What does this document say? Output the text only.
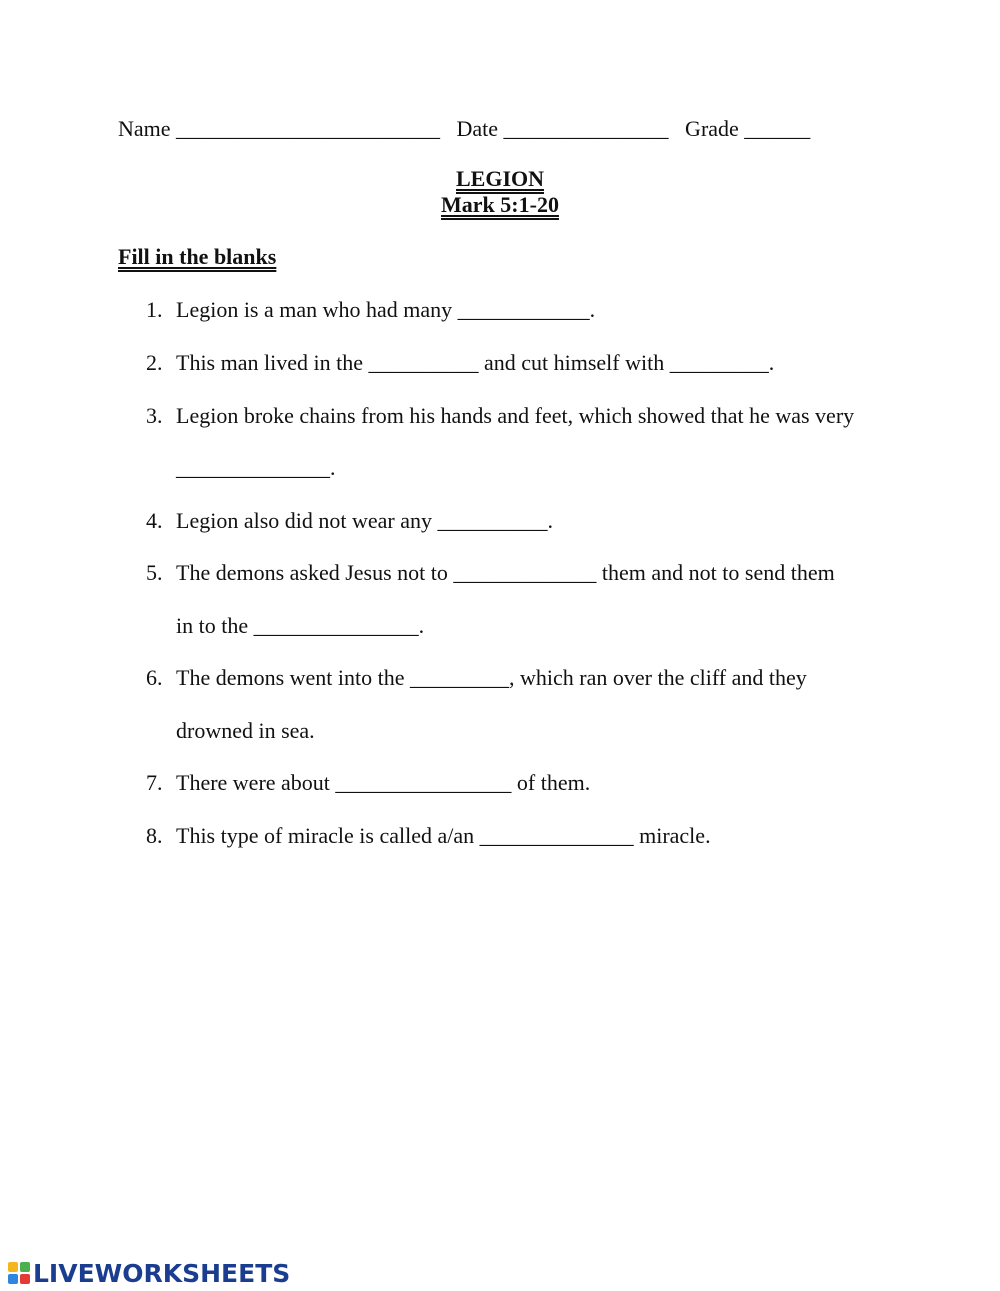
Name ________________________   Date _______________   Grade ______
LEGION
Mark 5:1-20
Fill in the blanks
1. Legion is a man who had many ____________.
2. This man lived in the __________ and cut himself with _________.
3. Legion broke chains from his hands and feet, which showed that he was very
______________.
4. Legion also did not wear any __________.
5. The demons asked Jesus not to _____________ them and not to send them
in to the _______________.
6. The demons went into the _________, which ran over the cliff and they
drowned in sea.
7. There were about ________________ of them.
8. This type of miracle is called a/an ______________ miracle.
LIVEWORKSHEETS
